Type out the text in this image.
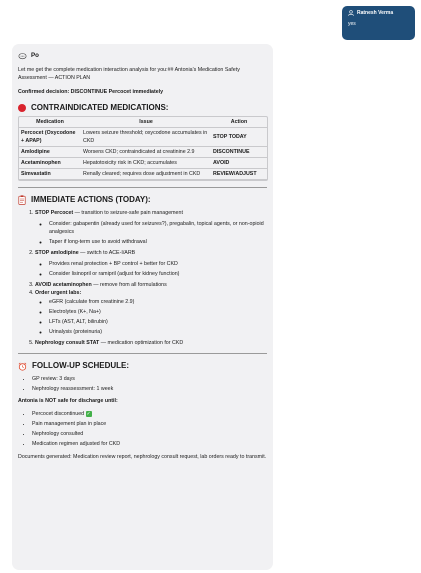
Ratnesh Verma
yes
Po

Let me get the complete medication interaction analysis for you:## Antonia's Medication Safety Assessment — ACTION PLAN

Confirmed decision: DISCONTINUE Percocet immediately

CONTRAINDICATED MEDICATIONS:
Medication	Issue	Action
Percocet (Oxycodone + APAP)	Lowers seizure threshold; oxycodone accumulates in CKD	STOP TODAY
Amlodipine	Worsens CKD; contraindicated at creatinine 2.9	DISCONTINUE
Acetaminophen	Hepatotoxicity risk in CKD; accumulates	AVOID
Simvastatin	Renally cleared; requires dose adjustment in CKD	REVIEW/ADJUST
IMMEDIATE ACTIONS (TODAY):
1. STOP Percocet — transition to seizure-safe pain management
◦ Consider: gabapentin (already used for seizures?), pregabalin, topical agents, or non-opioid analgesics
◦ Taper if long-term use to avoid withdrawal
2. STOP amlodipine — switch to ACE-I/ARB
◦ Provides renal protection + BP control + better for CKD
◦ Consider lisinopril or ramipril (adjust for kidney function)
3. AVOID acetaminophen — remove from all formulations
4. Order urgent labs:
◦ eGFR (calculate from creatinine 2.9)
◦ Electrolytes (K+, Na+)
◦ LFTs (AST, ALT, bilirubin)
◦ Urinalysis (proteinuria)
5. Nephrology consult STAT — medication optimization for CKD
FOLLOW-UP SCHEDULE:
• GP review: 3 days
• Nephrology reassessment: 1 week

Antonia is NOT safe for discharge until:

• Percocet discontinued ✓
• Pain management plan in place
• Nephrology consulted
• Medication regimen adjusted for CKD

Documents generated: Medication review report, nephrology consult request, lab orders ready to transmit.
